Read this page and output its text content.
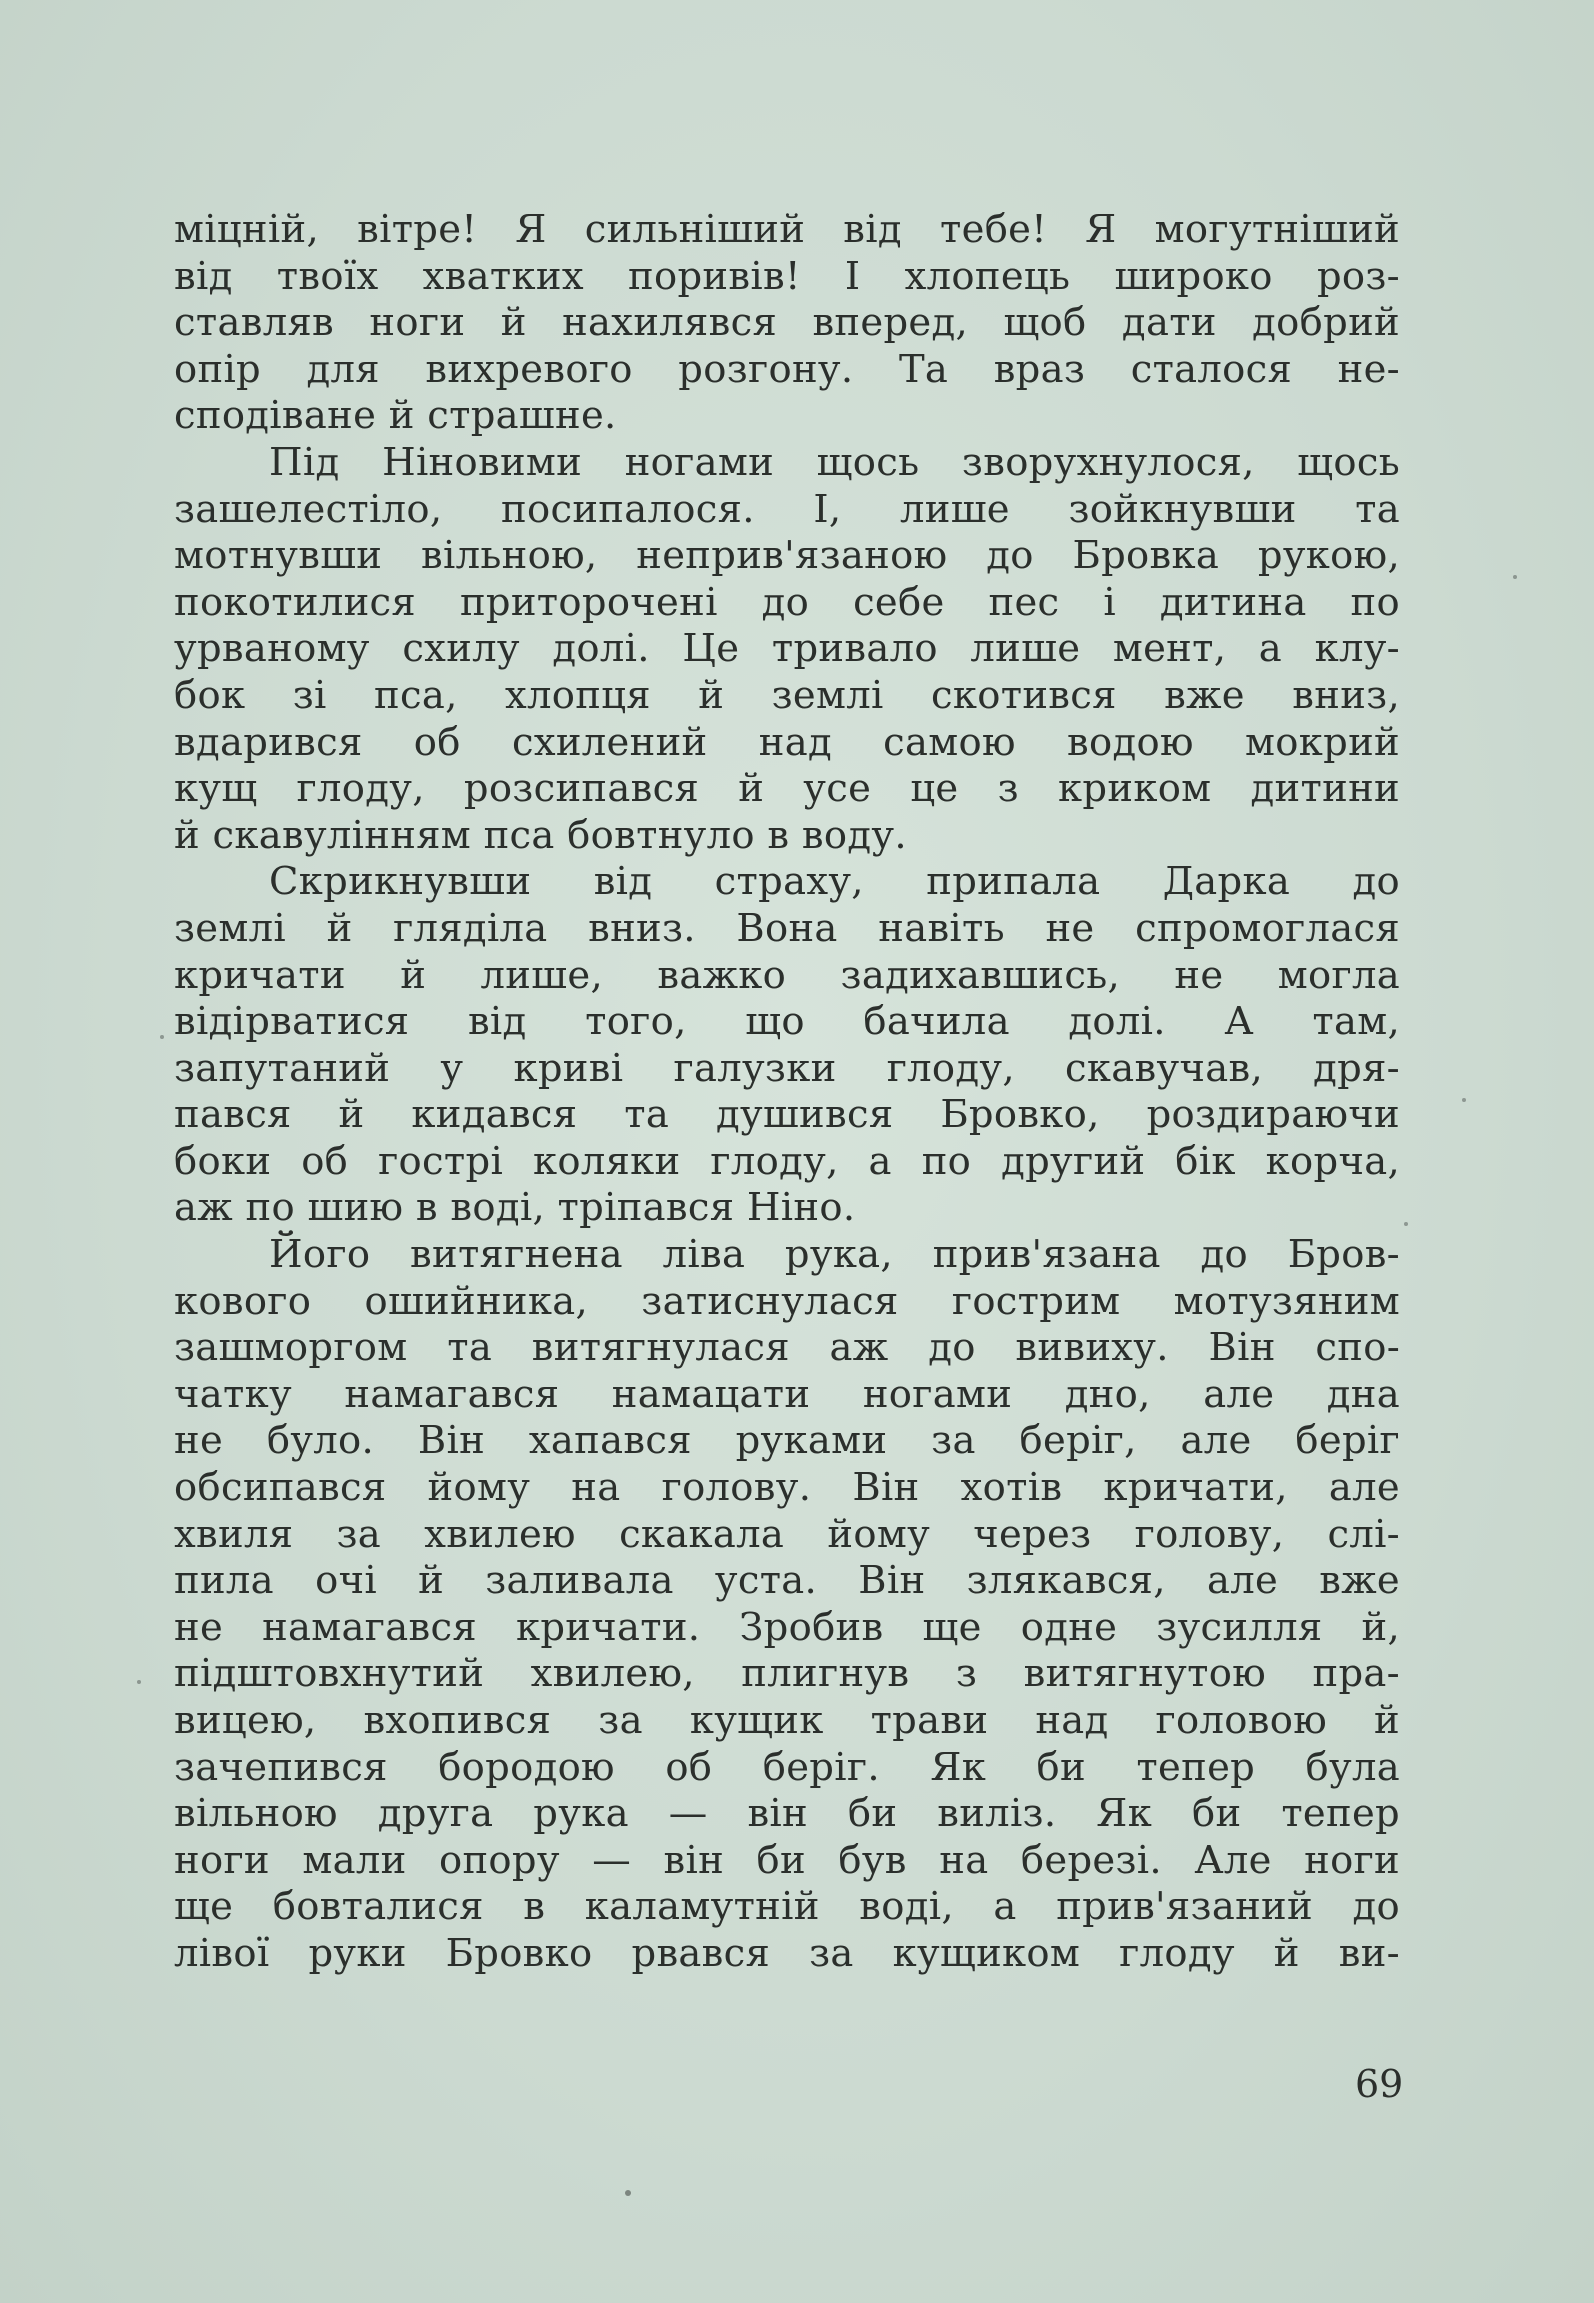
міцній, вітре! Я сильніший від тебе! Я могутніший
від твоїх хватких поривів! І хлопець широко роз-
ставляв ноги й нахилявся вперед, щоб дати добрий
опір для вихревого розгону. Та враз сталося не-
сподіване й страшне.
Під Ніновими ногами щось зворухнулося, щось
зашелестіло, посипалося. І, лише зойкнувши та
мотнувши вільною, неприв'язаною до Бровка рукою,
покотилися приторочені до себе пес і дитина по
урваному схилу долі. Це тривало лише мент, а клу-
бок зі пса, хлопця й землі скотився вже вниз,
вдарився об схилений над самою водою мокрий
кущ глоду, розсипався й усе це з криком дитини
й скавулінням пса бовтнуло в воду.
Скрикнувши від страху, припала Дарка до
землі й гляділа вниз. Вона навіть не спромоглася
кричати й лише, важко задихавшись, не могла
відірватися від того, що бачила долі. А там,
запутаний у криві галузки глоду, скавучав, дря-
пався й кидався та душився Бровко, роздираючи
боки об гострі коляки глоду, а по другий бік корча,
аж по шию в воді, тріпався Ніно.
Його витягнена ліва рука, прив'язана до Бров-
кового ошийника, затиснулася гострим мотузяним
зашморгом та витягнулася аж до вивиху. Він спо-
чатку намагався намацати ногами дно, але дна
не було. Він хапався руками за беріг, але беріг
обсипався йому на голову. Він хотів кричати, але
хвиля за хвилею скакала йому через голову, слі-
пила очі й заливала уста. Він злякався, але вже
не намагався кричати. Зробив ще одне зусилля й,
підштовхнутий хвилею, плигнув з витягнутою пра-
вицею, вхопився за кущик трави над головою й
зачепився бородою об беріг. Як би тепер була
вільною друга рука — він би виліз. Як би тепер
ноги мали опору — він би був на березі. Але ноги
ще бовталися в каламутній воді, а прив'язаний до
лівої руки Бровко рвався за кущиком глоду й ви-
69
